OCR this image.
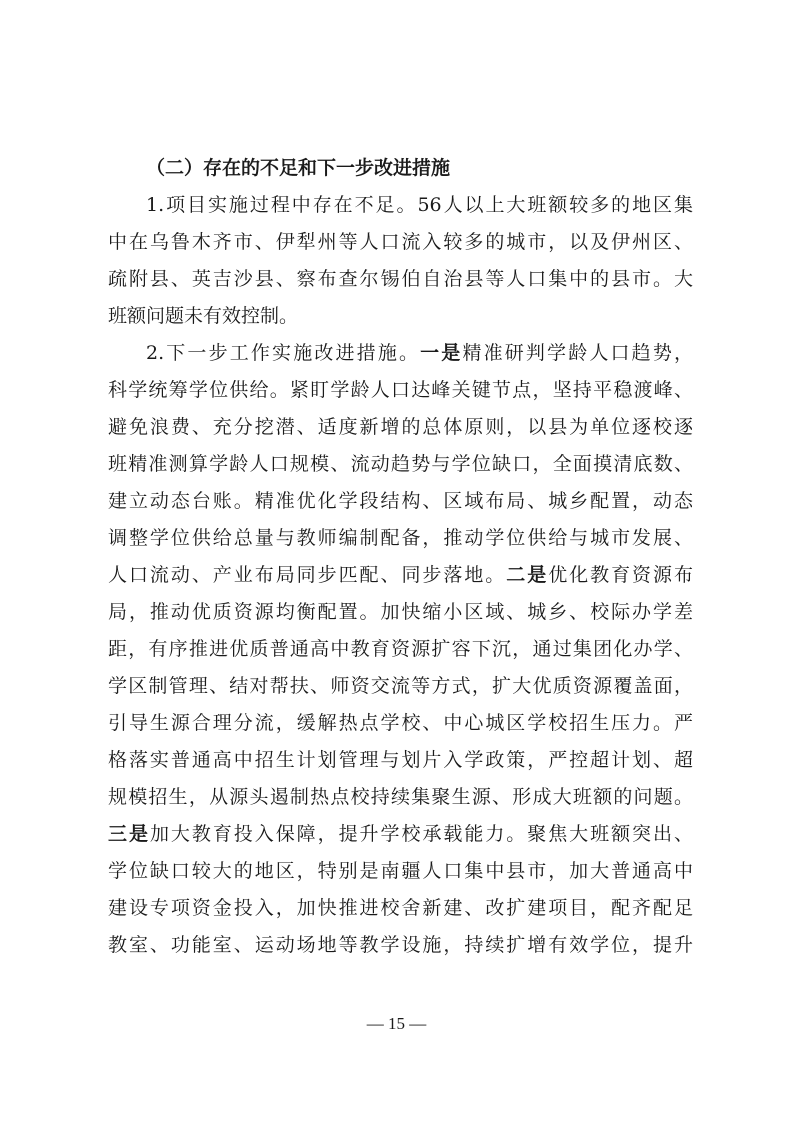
（二）存在的不足和下一步改进措施
1.项目实施过程中存在不足。56人以上大班额较多的地区集
中在乌鲁木齐市、伊犁州等人口流入较多的城市，以及伊州区、
疏附县、英吉沙县、察布查尔锡伯自治县等人口集中的县市。大
班额问题未有效控制。
2.下一步工作实施改进措施。一是精准研判学龄人口趋势，
科学统筹学位供给。紧盯学龄人口达峰关键节点，坚持平稳渡峰、
避免浪费、充分挖潜、适度新增的总体原则，以县为单位逐校逐
班精准测算学龄人口规模、流动趋势与学位缺口，全面摸清底数、
建立动态台账。精准优化学段结构、区域布局、城乡配置，动态
调整学位供给总量与教师编制配备，推动学位供给与城市发展、
人口流动、产业布局同步匹配、同步落地。二是优化教育资源布
局，推动优质资源均衡配置。加快缩小区域、城乡、校际办学差
距，有序推进优质普通高中教育资源扩容下沉，通过集团化办学、
学区制管理、结对帮扶、师资交流等方式，扩大优质资源覆盖面，
引导生源合理分流，缓解热点学校、中心城区学校招生压力。严
格落实普通高中招生计划管理与划片入学政策，严控超计划、超
规模招生，从源头遏制热点校持续集聚生源、形成大班额的问题。
三是加大教育投入保障，提升学校承载能力。聚焦大班额突出、
学位缺口较大的地区，特别是南疆人口集中县市，加大普通高中
建设专项资金投入，加快推进校舍新建、改扩建项目，配齐配足
教室、功能室、运动场地等教学设施，持续扩增有效学位，提升
— 15 —
